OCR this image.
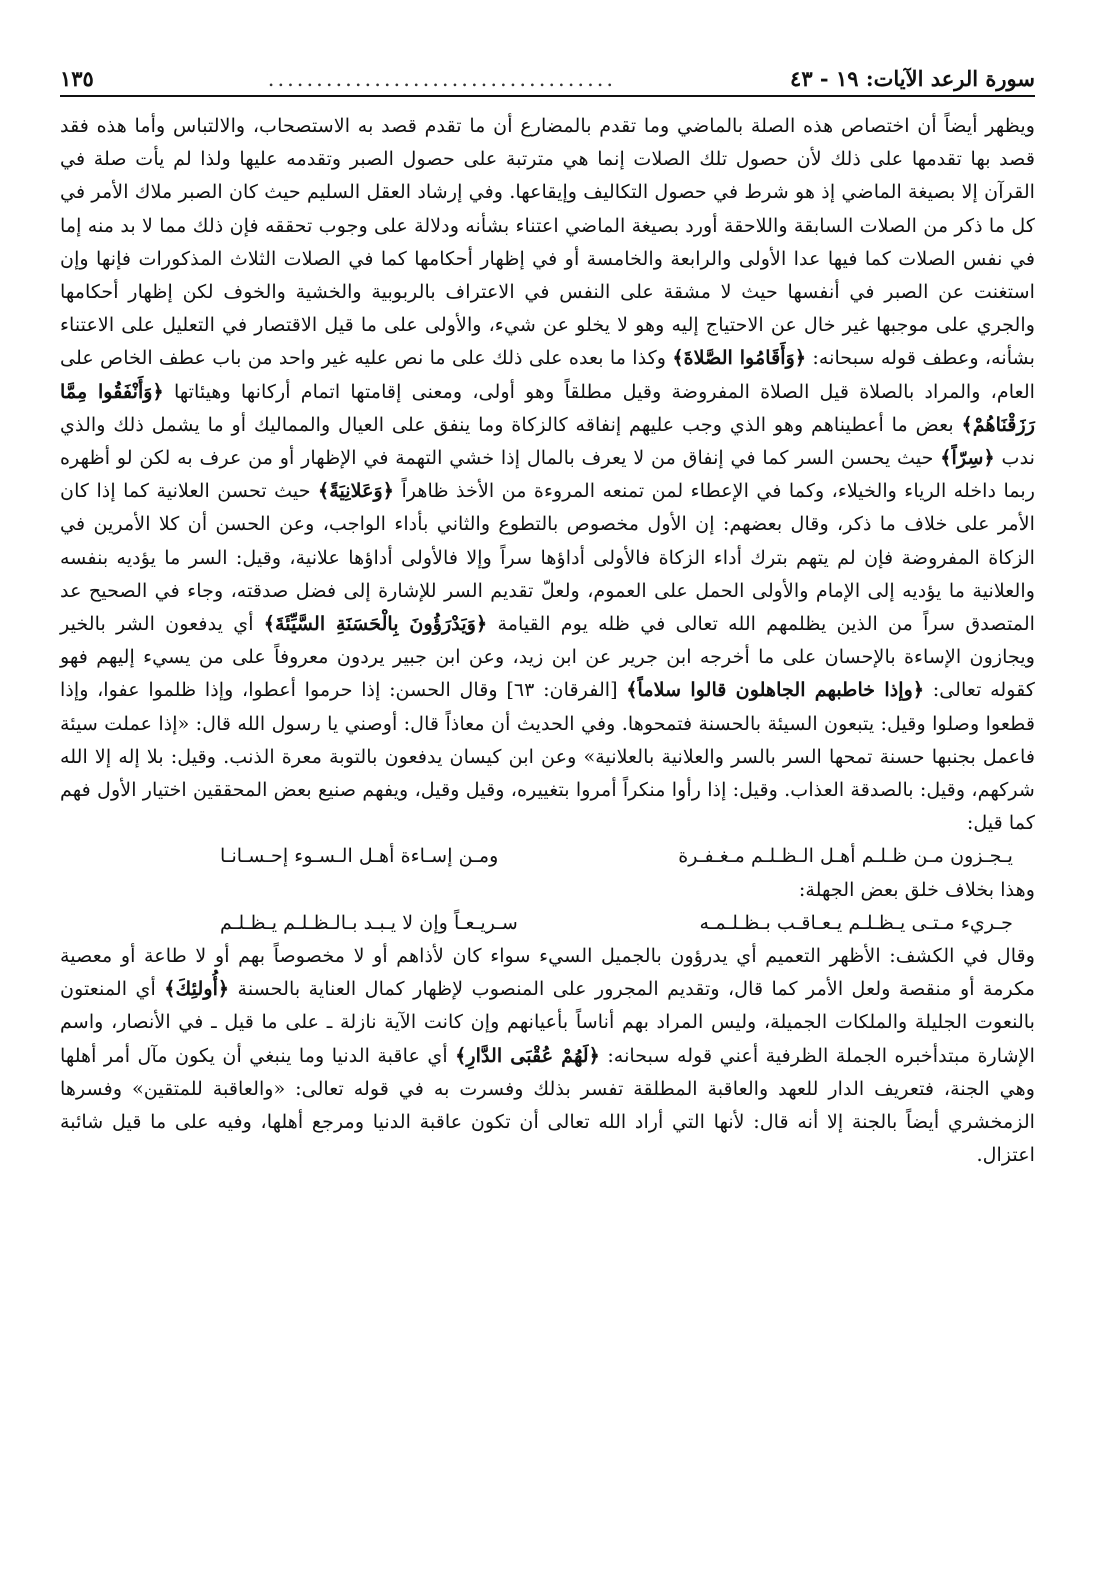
سورة الرعد الآيات: ١٩ - ٤٣
....................................
١٣٥

ويظهر أيضاً أن اختصاص هذه الصلة بالماضي وما تقدم بالمضارع أن ما تقدم قصد به الاستصحاب، والالتباس وأما هذه فقد قصد بها تقدمها على ذلك لأن حصول تلك الصلات إنما هي مترتبة على حصول الصبر وتقدمه عليها ولذا لم يأت صلة في القرآن إلا بصيغة الماضي إذ هو شرط في حصول التكاليف وإيقاعها. وفي إرشاد العقل السليم حيث كان الصبر ملاك الأمر في كل ما ذكر من الصلات السابقة واللاحقة أورد بصيغة الماضي اعتناء بشأنه ودلالة على وجوب تحققه فإن ذلك مما لا بد منه إما في نفس الصلات كما فيها عدا الأولى والرابعة والخامسة أو في إظهار أحكامها كما في الصلات الثلاث المذكورات فإنها وإن استغنت عن الصبر في أنفسها حيث لا مشقة على النفس في الاعتراف بالربوبية والخشية والخوف لكن إظهار أحكامها والجري على موجبها غير خال عن الاحتياج إليه وهو لا يخلو عن شيء، والأولى على ما قيل الاقتصار في التعليل على الاعتناء بشأنه، وعطف قوله سبحانه: ﴿وَأَقَامُوا الصَّلاةَ﴾ وكذا ما بعده على ذلك على ما نص عليه غير واحد من باب عطف الخاص على العام، والمراد بالصلاة قيل الصلاة المفروضة وقيل مطلقاً وهو أولى، ومعنى إقامتها اتمام أركانها وهيئاتها ﴿وَأَنْفَقُوا مِمَّا رَزَقْنَاهُمْ﴾ بعض ما أعطيناهم وهو الذي وجب عليهم إنفاقه كالزكاة وما ينفق على العيال والمماليك أو ما يشمل ذلك والذي ندب ﴿سِرّاً﴾ حيث يحسن السر كما في إنفاق من لا يعرف بالمال إذا خشي التهمة في الإظهار أو من عرف به لكن لو أظهره ربما داخله الرياء والخيلاء، وكما في الإعطاء لمن تمنعه المروءة من الأخذ ظاهراً ﴿وَعَلانِيَةً﴾ حيث تحسن العلانية كما إذا كان الأمر على خلاف ما ذكر، وقال بعضهم: إن الأول مخصوص بالتطوع والثاني بأداء الواجب، وعن الحسن أن كلا الأمرين في الزكاة المفروضة فإن لم يتهم بترك أداء الزكاة فالأولى أداؤها سراً وإلا فالأولى أداؤها علانية، وقيل: السر ما يؤديه بنفسه والعلانية ما يؤديه إلى الإمام والأولى الحمل على العموم، ولعلّ تقديم السر للإشارة إلى فضل صدقته، وجاء في الصحيح عد المتصدق سراً من الذين يظلمهم الله تعالى في ظله يوم القيامة ﴿وَيَدْرَؤُونَ بِالْحَسَنَةِ السَّيِّئَةَ﴾ أي يدفعون الشر بالخير ويجازون الإساءة بالإحسان على ما أخرجه ابن جرير عن ابن زيد، وعن ابن جبير يردون معروفاً على من يسيء إليهم فهو كقوله تعالى: ﴿وإذا خاطبهم الجاهلون قالوا سلاماً﴾ [الفرقان: ٦٣] وقال الحسن: إذا حرموا أعطوا، وإذا ظلموا عفوا، وإذا قطعوا وصلوا وقيل: يتبعون السيئة بالحسنة فتمحوها. وفي الحديث أن معاذاً قال: أوصني يا رسول الله قال: «إذا عملت سيئة فاعمل بجنبها حسنة تمحها السر بالسر والعلانية بالعلانية» وعن ابن كيسان يدفعون بالتوبة معرة الذنب. وقيل: بلا إله إلا الله شركهم، وقيل: بالصدقة العذاب. وقيل: إذا رأوا منكراً أمروا بتغييره، وقيل وقيل، ويفهم صنيع بعض المحققين اختيار الأول فهم كما قيل:

يـجـزون مـن ظـلـم أهـل الـظـلـم مـغـفـرة
ومـن إسـاءة أهـل الـسـوء إحـسـانـا

وهذا بخلاف خلق بعض الجهلة:

جـريء مـتـى يـظـلـم يـعـاقـب بـظـلـمـه
سـريـعـاً وإن لا يـبـد بـالـظـلـم يـظـلـم

وقال في الكشف: الأظهر التعميم أي يدرؤون بالجميل السيء سواء كان لأذاهم أو لا مخصوصاً بهم أو لا طاعة أو معصية مكرمة أو منقصة ولعل الأمر كما قال، وتقديم المجرور على المنصوب لإظهار كمال العناية بالحسنة ﴿أُولئِكَ﴾ أي المنعتون بالنعوت الجليلة والملكات الجميلة، وليس المراد بهم أناساً بأعيانهم وإن كانت الآية نازلة ـ على ما قيل ـ في الأنصار، واسم الإشارة مبتدأخبره الجملة الظرفية أعني قوله سبحانه: ﴿لَهُمْ عُقْبَى الدَّارِ﴾ أي عاقبة الدنيا وما ينبغي أن يكون مآل أمر أهلها وهي الجنة، فتعريف الدار للعهد والعاقبة المطلقة تفسر بذلك وفسرت به في قوله تعالى: «والعاقبة للمتقين» وفسرها الزمخشري أيضاً بالجنة إلا أنه قال: لأنها التي أراد الله تعالى أن تكون عاقبة الدنيا ومرجع أهلها، وفيه على ما قيل شائبة اعتزال.
